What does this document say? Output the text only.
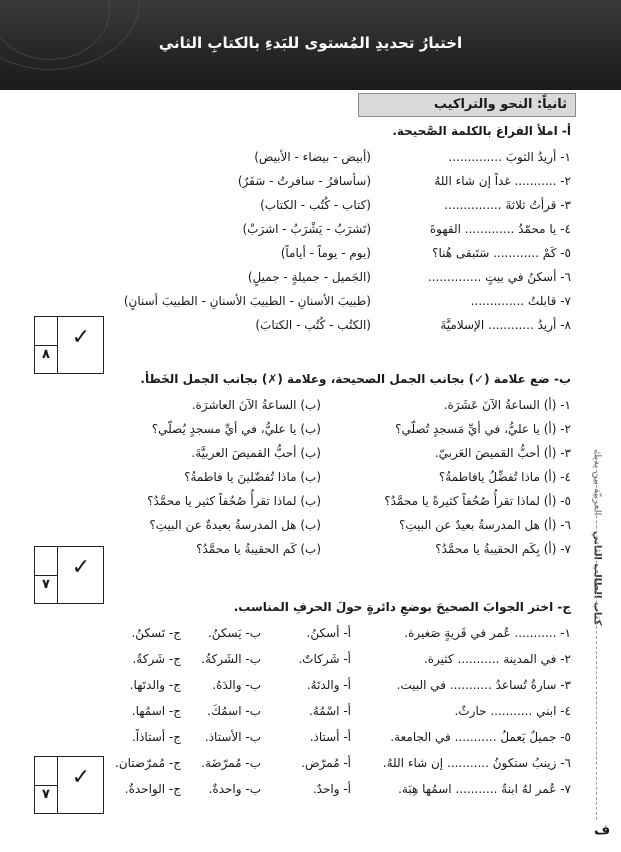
اختبارُ تحديدِ المُستوى للبَدءِ بالكتابِ الثاني
ثانياً: النحو والتراكيب
كتاب الطالب الثاني
العربيّة بين يديك
أ- املأ الفراغ بالكلمة الصَّحيحة.
١- أريدُ الثوبَ ..............
(أبيض - بيضاء - الأبيض)
٢- ........... غداً إن شاء اللهُ
(سأسافرُ - سافرتُ - سَفَرٌ)
٣- قرأتُ ثلاثةَ ...............
(كتاب - كُتُب - الكتاب)
٤- يا محمّدُ ............. القهوةَ
(تَشرَبُ - يَشْرَبُ - اشرَبْ)
٥- كَمْ ............ سَتَبقى هُنا؟
(يوم - يوماً - أياماً)
٦- أسكنُ في بيتٍ ..............
(الجَميل - جميلةٍ - جميلٍ)
٧- قابلتُ ..............
(طبيبَ الأسنانِ - الطبيبَ الأسنانِ - الطبيبَ أسنانٍ)
٨- أريدُ ............ الإسلاميَّةَ
(الكتُب - كُتُب - الكتابَ)
٨
✓
ب- ضع علامة (✓) بجانب الجمل الصحيحة، وعلامة (✗) بجانب الجمل الخَطأ.
١- (أ) الساعةُ الآنَ عَشَرَة.
(ب) الساعةُ الآنَ العاشرَة.
٢- (أ) يا عليُّ، في أيِّ مَسجدٍ تُصلّي؟
(ب) يا عليُّ، في أيِّ مسجدٍ يُصلّي؟
٣- (أ) أحبُّ القميصَ العَربيّ.
(ب) أحبُّ القميصَ العربيَّةَ.
٤- (أ) ماذا تُفضِّلُ يافاطمةُ؟
(ب) ماذا تُفضّلينَ يا فاطمةُ؟
٥- (أ) لماذا تقرأُ صُحُفاً كثيرةً يا محمَّدُ؟
(ب) لماذا تقرأُ صُحُفاً كثير يا محمَّدُ؟
٦- (أ) هل المدرسةُ بعيدٌ عن البيتِ؟
(ب) هل المدرسةُ بعيدةٌ عن البيتِ؟
٧- (أ) بِكَم الحقيبةُ يا محمَّدُ؟
(ب) كَم الحقيبةُ يا محمَّدُ؟
٧
✓
ج- اختر الجوابَ الصحيحَ بوضعِ دائرةٍ حولَ الحرفِ المناسب.
١- ........... عُمر في قَريةٍ صَغيرة.
أ- أسكنُ.
ب- يَسكنُ.
ج- تَسكنُ.
٢- في المدينة ........... كثيرة.
أ- شَركاتٌ.
ب- الشَركةُ.
ج- شَركةٌ.
٣- سارةُ تُساعدُ ........... في البيت.
أ- والدتَهُ.
ب- والدَهُ.
ج- والدتَها.
٤- ابني ........... حارثٌ.
أ- اسْمُهُ.
ب- اسمُكَ.
ج- اسمُها.
٥- جميلٌ يَعملُ ........... في الجامعة.
أ- أستاذ.
ب- الأستاذ.
ج- أستاذاً.
٦- زينبُ ستكونُ ........... إن شاء اللهُ.
أ- مُمرّض.
ب- مُمرّضَة.
ج- مُمرّضتان.
٧- عُمر لهُ ابنةٌ ........... اسمُها هِبَة.
أ- واحدٌ.
ب- واحدةٌ.
ج- الواحدةُ.
٧
✓
ف
